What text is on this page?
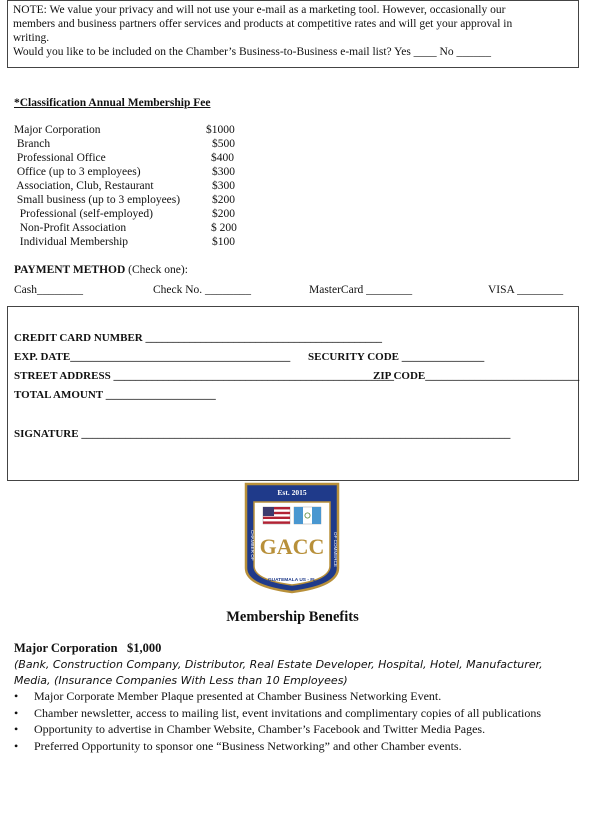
NOTE: We value your privacy and will not use your e-mail as a marketing tool. However, occasionally our
members and business partners offer services and products at competitive rates and will get your approval in
writing.
Would you like to be included on the Chamber’s Business-to-Business e-mail list? Yes ____ No ______

*Classification Annual Membership Fee
Major Corporation	$1000
Branch	$500
Professional Office	$400
Office (up to 3 employees)	$300
Association, Club, Restaurant	$300
Small business (up to 3 employees)	$200
Professional (self-employed)	$200
Non-Profit Association	$ 200
Individual Membership	$100
PAYMENT METHOD (Check one):
Cash________	Check No. ________	MasterCard ________	VISA ________
CREDIT CARD NUMBER ___________________________________________
EXP. DATE________________________________________ SECURITY CODE _______________
STREET ADDRESS ___________________________________________________
ZIP CODE____________________________
TOTAL AMOUNT ____________________
SIGNATURE ______________________________________________________________________________
Est. 2015
GACC
CHAMBER OF	OF COMMERCE
GUATEMALA US - FL
Membership Benefits
Major Corporation   $1,000
(Bank, Construction Company, Distributor, Real Estate Developer, Hospital, Hotel, Manufacturer,
Media, (Insurance Companies With Less than 10 Employees)
• Major Corporate Member Plaque presented at Chamber Business Networking Event.
• Chamber newsletter, access to mailing list, event invitations and complimentary copies of all publications
• Opportunity to advertise in Chamber Website, Chamber’s Facebook and Twitter Media Pages.
• Preferred Opportunity to sponsor one “Business Networking” and other Chamber events.
